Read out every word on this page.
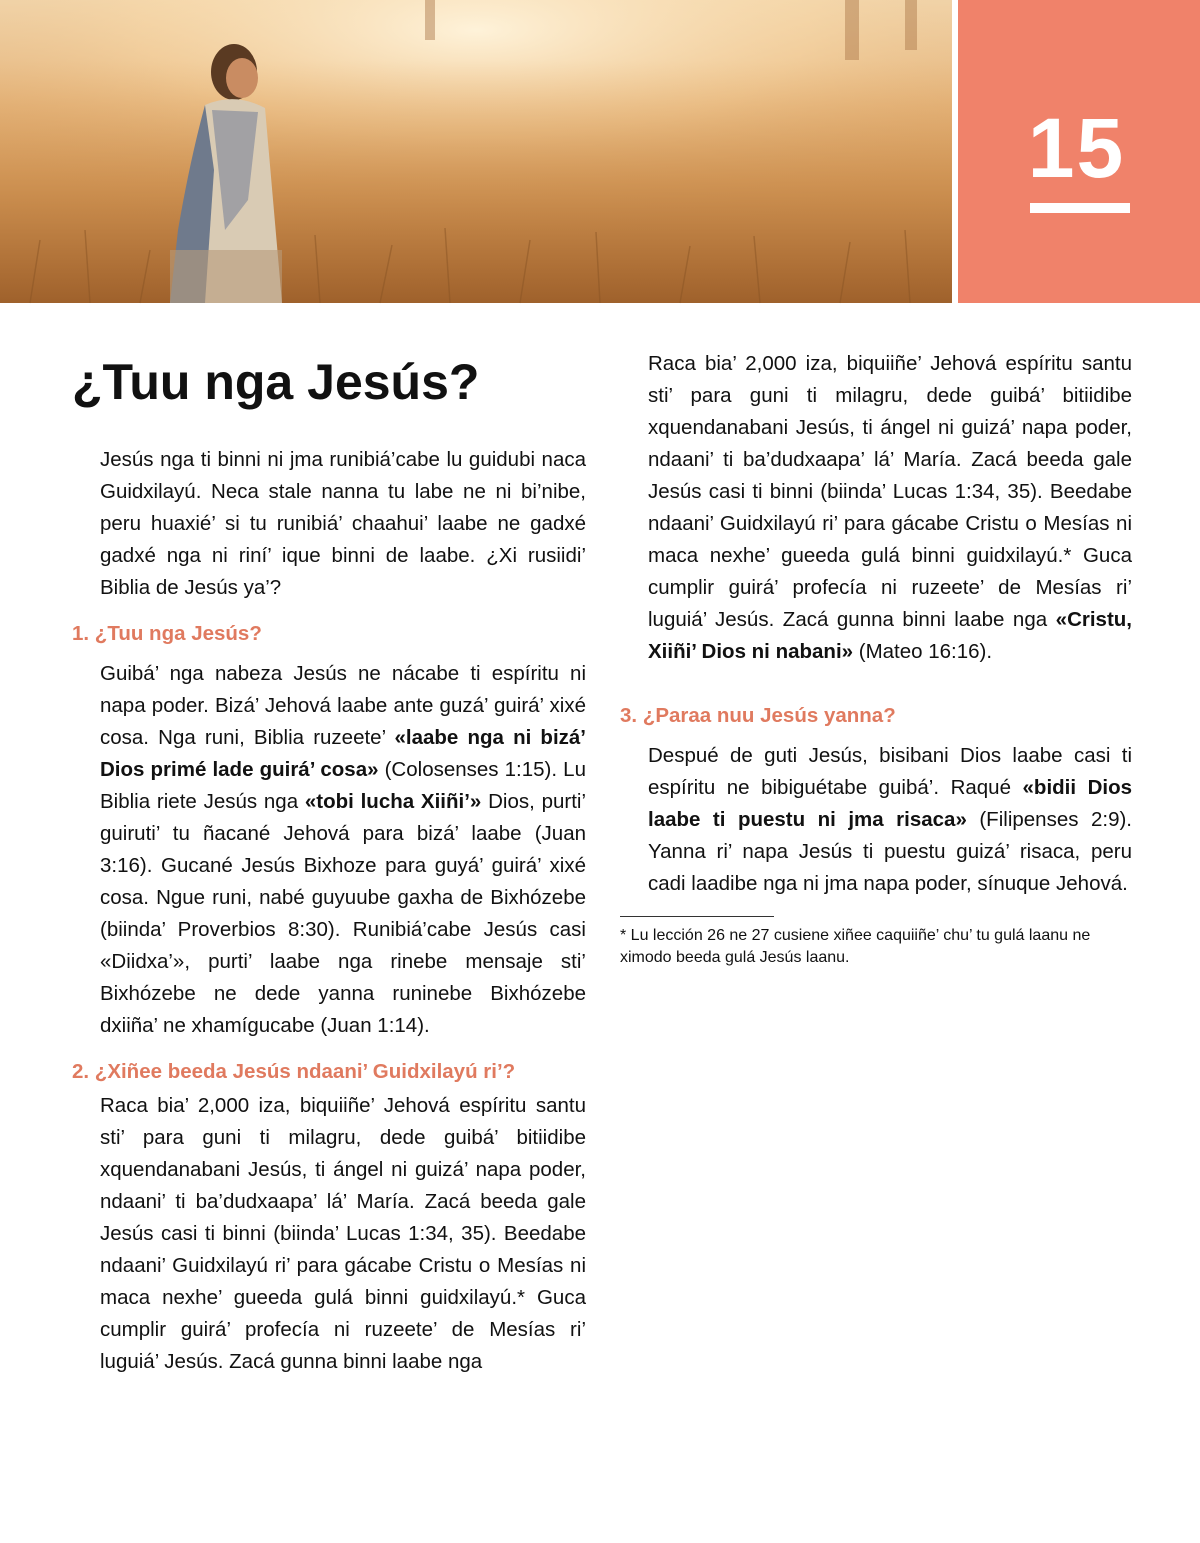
15
¿Tuu nga Jesús?

Jesús nga ti binni ni jma runibiá’cabe lu guidubi naca Guidxilayú. Neca stale nanna tu labe ne ni bi’nibe, peru huaxié’ si tu runibiá’ chaahui’ laabe ne gadxé gadxé nga ni riní’ ique binni de laabe. ¿Xi rusiidi’ Biblia de Jesús ya’?

1. ¿Tuu nga Jesús?

Guibá’ nga nabeza Jesús ne nácabe ti espíritu ni napa poder. Bizá’ Jehová laabe ante guzá’ guirá’ xixé cosa. Nga runi, Biblia ruzeete’ «laabe nga ni bizá’ Dios primé lade guirá’ cosa» (Colosenses 1:15). Lu Biblia riete Jesús nga «tobi lucha Xiiñi’» Dios, purti’ guiruti’ tu ñacané Jehová para bizá’ laabe (Juan 3:16). Gucané Jesús Bixhoze para guyá’ guirá’ xixé cosa. Ngue runi, nabé guyuube gaxha de Bixhózebe (biinda’ Proverbios 8:30). Runibiá’cabe Jesús casi «Diidxa’», purti’ laabe nga rinebe mensaje sti’ Bixhózebe ne dede yanna runinebe Bixhózebe dxiiña’ ne xhamígucabe (Juan 1:14).

2. ¿Xiñee beeda Jesús ndaani’ Guidxilayú ri’?

Raca bia’ 2,000 iza, biquiiñe’ Jehová espíritu santu sti’ para guni ti milagru, dede guibá’ bitiidibe xquendanabani Jesús, ti ángel ni guizá’ napa poder, ndaani’ ti ba’dudxaapa’ lá’ María. Zacá beeda gale Jesús casi ti binni (biinda’ Lucas 1:34, 35). Beedabe ndaani’ Guidxilayú ri’ para gácabe Cristu o Mesías ni maca nexhe’ gueeda gulá binni guidxilayú.* Guca cumplir guirá’ profecía ni ruzeete’ de Mesías ri’ luguiá’ Jesús. Zacá gunna binni laabe nga

Raca bia’ 2,000 iza, biquiiñe’ Jehová espíritu santu sti’ para guni ti milagru, dede guibá’ bitiidibe xquendanabani Jesús, ti ángel ni guizá’ napa poder, ndaani’ ti ba’dudxaapa’ lá’ María. Zacá beeda gale Jesús casi ti binni (biinda’ Lucas 1:34, 35). Beedabe ndaani’ Guidxilayú ri’ para gácabe Cristu o Mesías ni maca nexhe’ gueeda gulá binni guidxilayú.* Guca cumplir guirá’ profecía ni ruzeete’ de Mesías ri’ luguiá’ Jesús. Zacá gunna binni laabe nga «Cristu, Xiiñi’ Dios ni nabani» (Mateo 16:16).

3. ¿Paraa nuu Jesús yanna?

Despué de guti Jesús, bisibani Dios laabe casi ti espíritu ne bibiguétabe guibá’. Raqué «bidii Dios laabe ti puestu ni jma risaca» (Filipenses 2:9). Yanna ri’ napa Jesús ti puestu guizá’ risaca, peru cadi laadibe nga ni jma napa poder, sínuque Jehová.

* Lu lección 26 ne 27 cusiene xiñee caquiiñe’ chu’ tu gulá laanu ne ximodo beeda gulá Jesús laanu.
